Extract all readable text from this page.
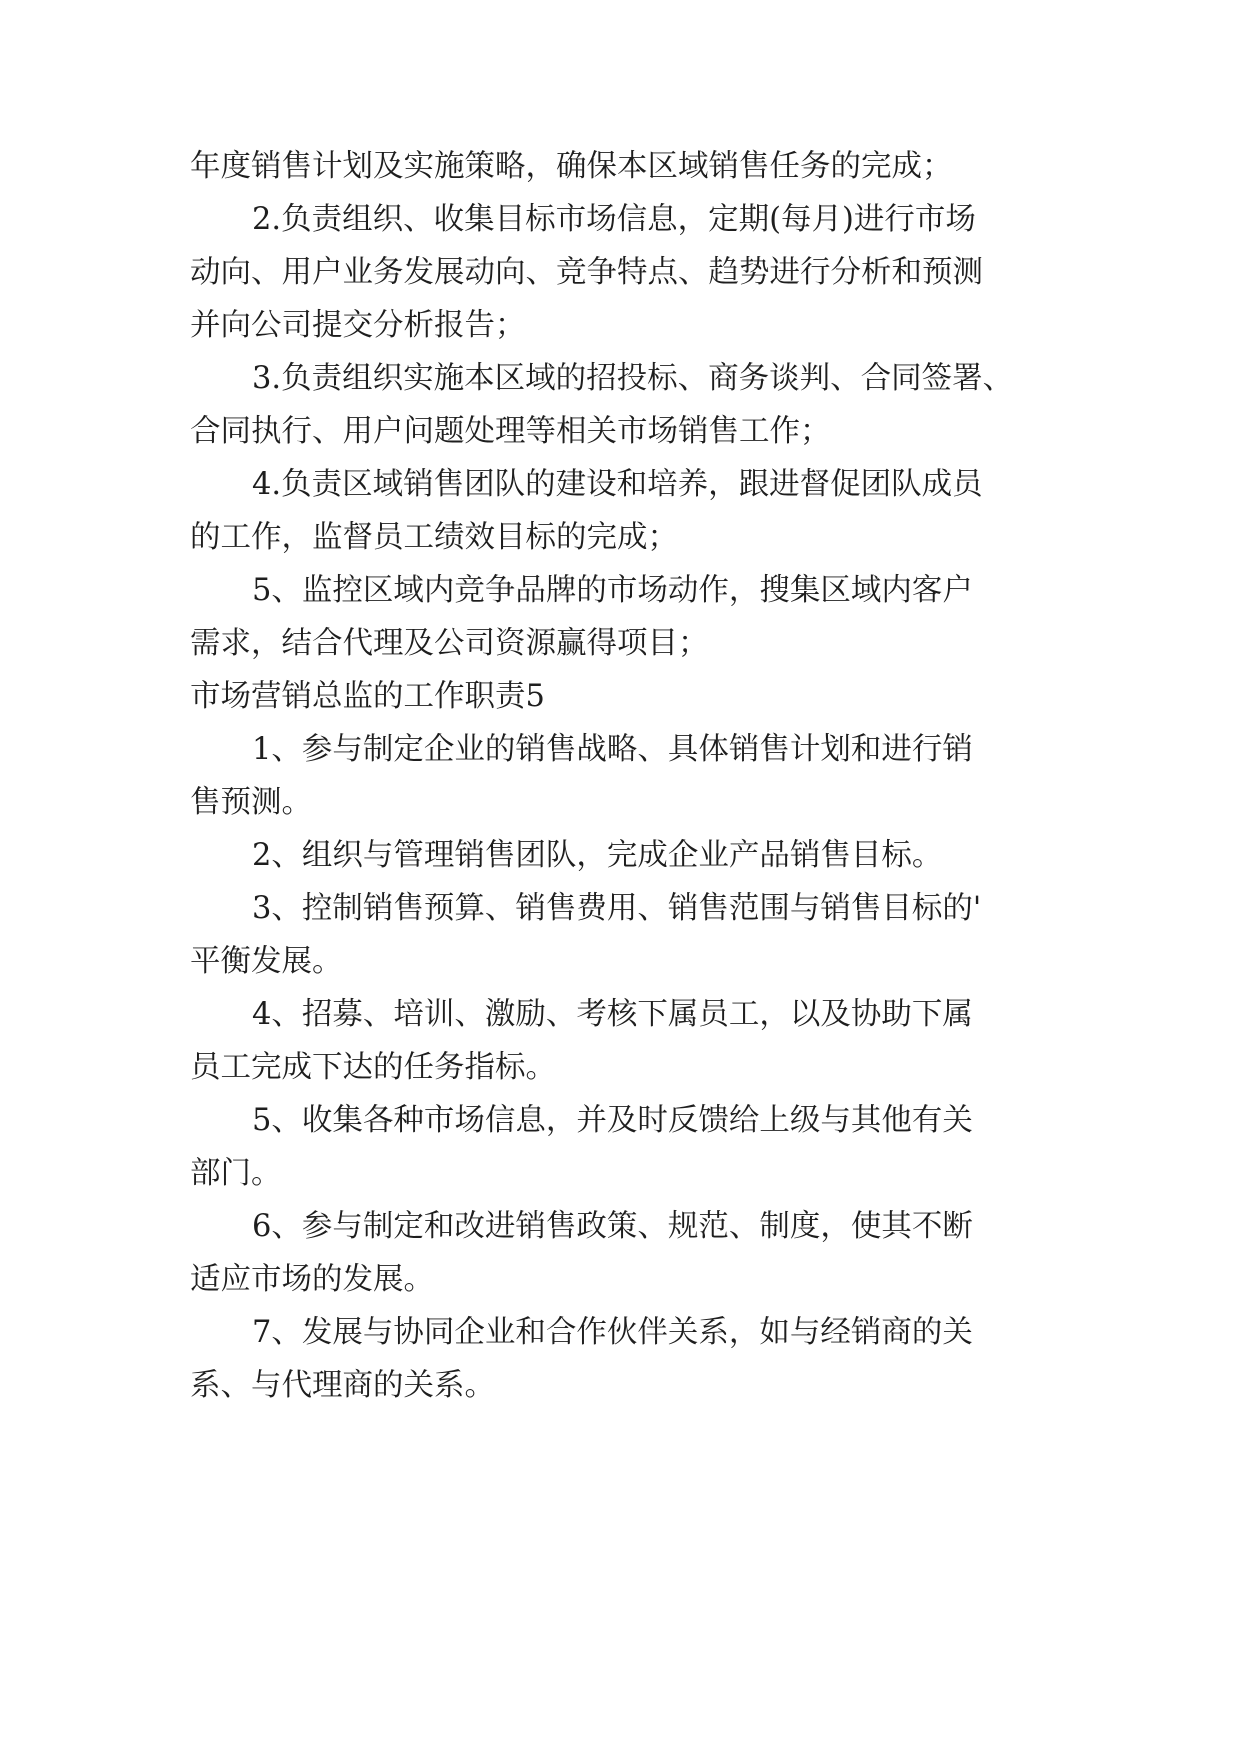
年度销售计划及实施策略，确保本区域销售任务的完成；
2.负责组织、收集目标市场信息，定期(每月)进行市场
动向、用户业务发展动向、竞争特点、趋势进行分析和预测
并向公司提交分析报告；
3.负责组织实施本区域的招投标、商务谈判、合同签署、
合同执行、用户问题处理等相关市场销售工作；
4.负责区域销售团队的建设和培养，跟进督促团队成员
的工作，监督员工绩效目标的完成；
5、监控区域内竞争品牌的市场动作，搜集区域内客户
需求，结合代理及公司资源赢得项目；
市场营销总监的工作职责5
1、参与制定企业的销售战略、具体销售计划和进行销
售预测。
2、组织与管理销售团队，完成企业产品销售目标。
3、控制销售预算、销售费用、销售范围与销售目标的'
平衡发展。
4、招募、培训、激励、考核下属员工，以及协助下属
员工完成下达的任务指标。
5、收集各种市场信息，并及时反馈给上级与其他有关
部门。
6、参与制定和改进销售政策、规范、制度，使其不断
适应市场的发展。
7、发展与协同企业和合作伙伴关系，如与经销商的关
系、与代理商的关系。
